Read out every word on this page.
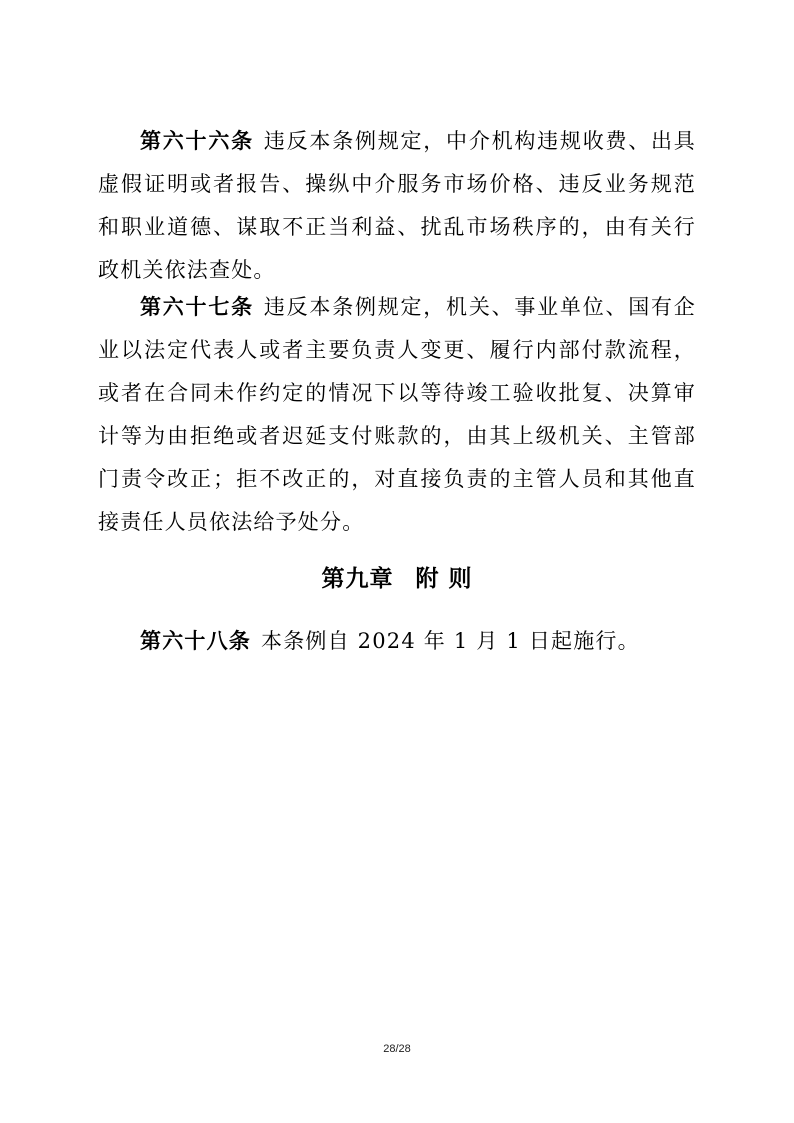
第六十六条 违反本条例规定，中介机构违规收费、出具虚假证明或者报告、操纵中介服务市场价格、违反业务规范和职业道德、谋取不正当利益、扰乱市场秩序的，由有关行政机关依法查处。

第六十七条 违反本条例规定，机关、事业单位、国有企业以法定代表人或者主要负责人变更、履行内部付款流程，或者在合同未作约定的情况下以等待竣工验收批复、决算审计等为由拒绝或者迟延支付账款的，由其上级机关、主管部门责令改正；拒不改正的，对直接负责的主管人员和其他直接责任人员依法给予处分。

第九章 附 则

第六十八条 本条例自 2024 年 1 月 1 日起施行。

28/28
